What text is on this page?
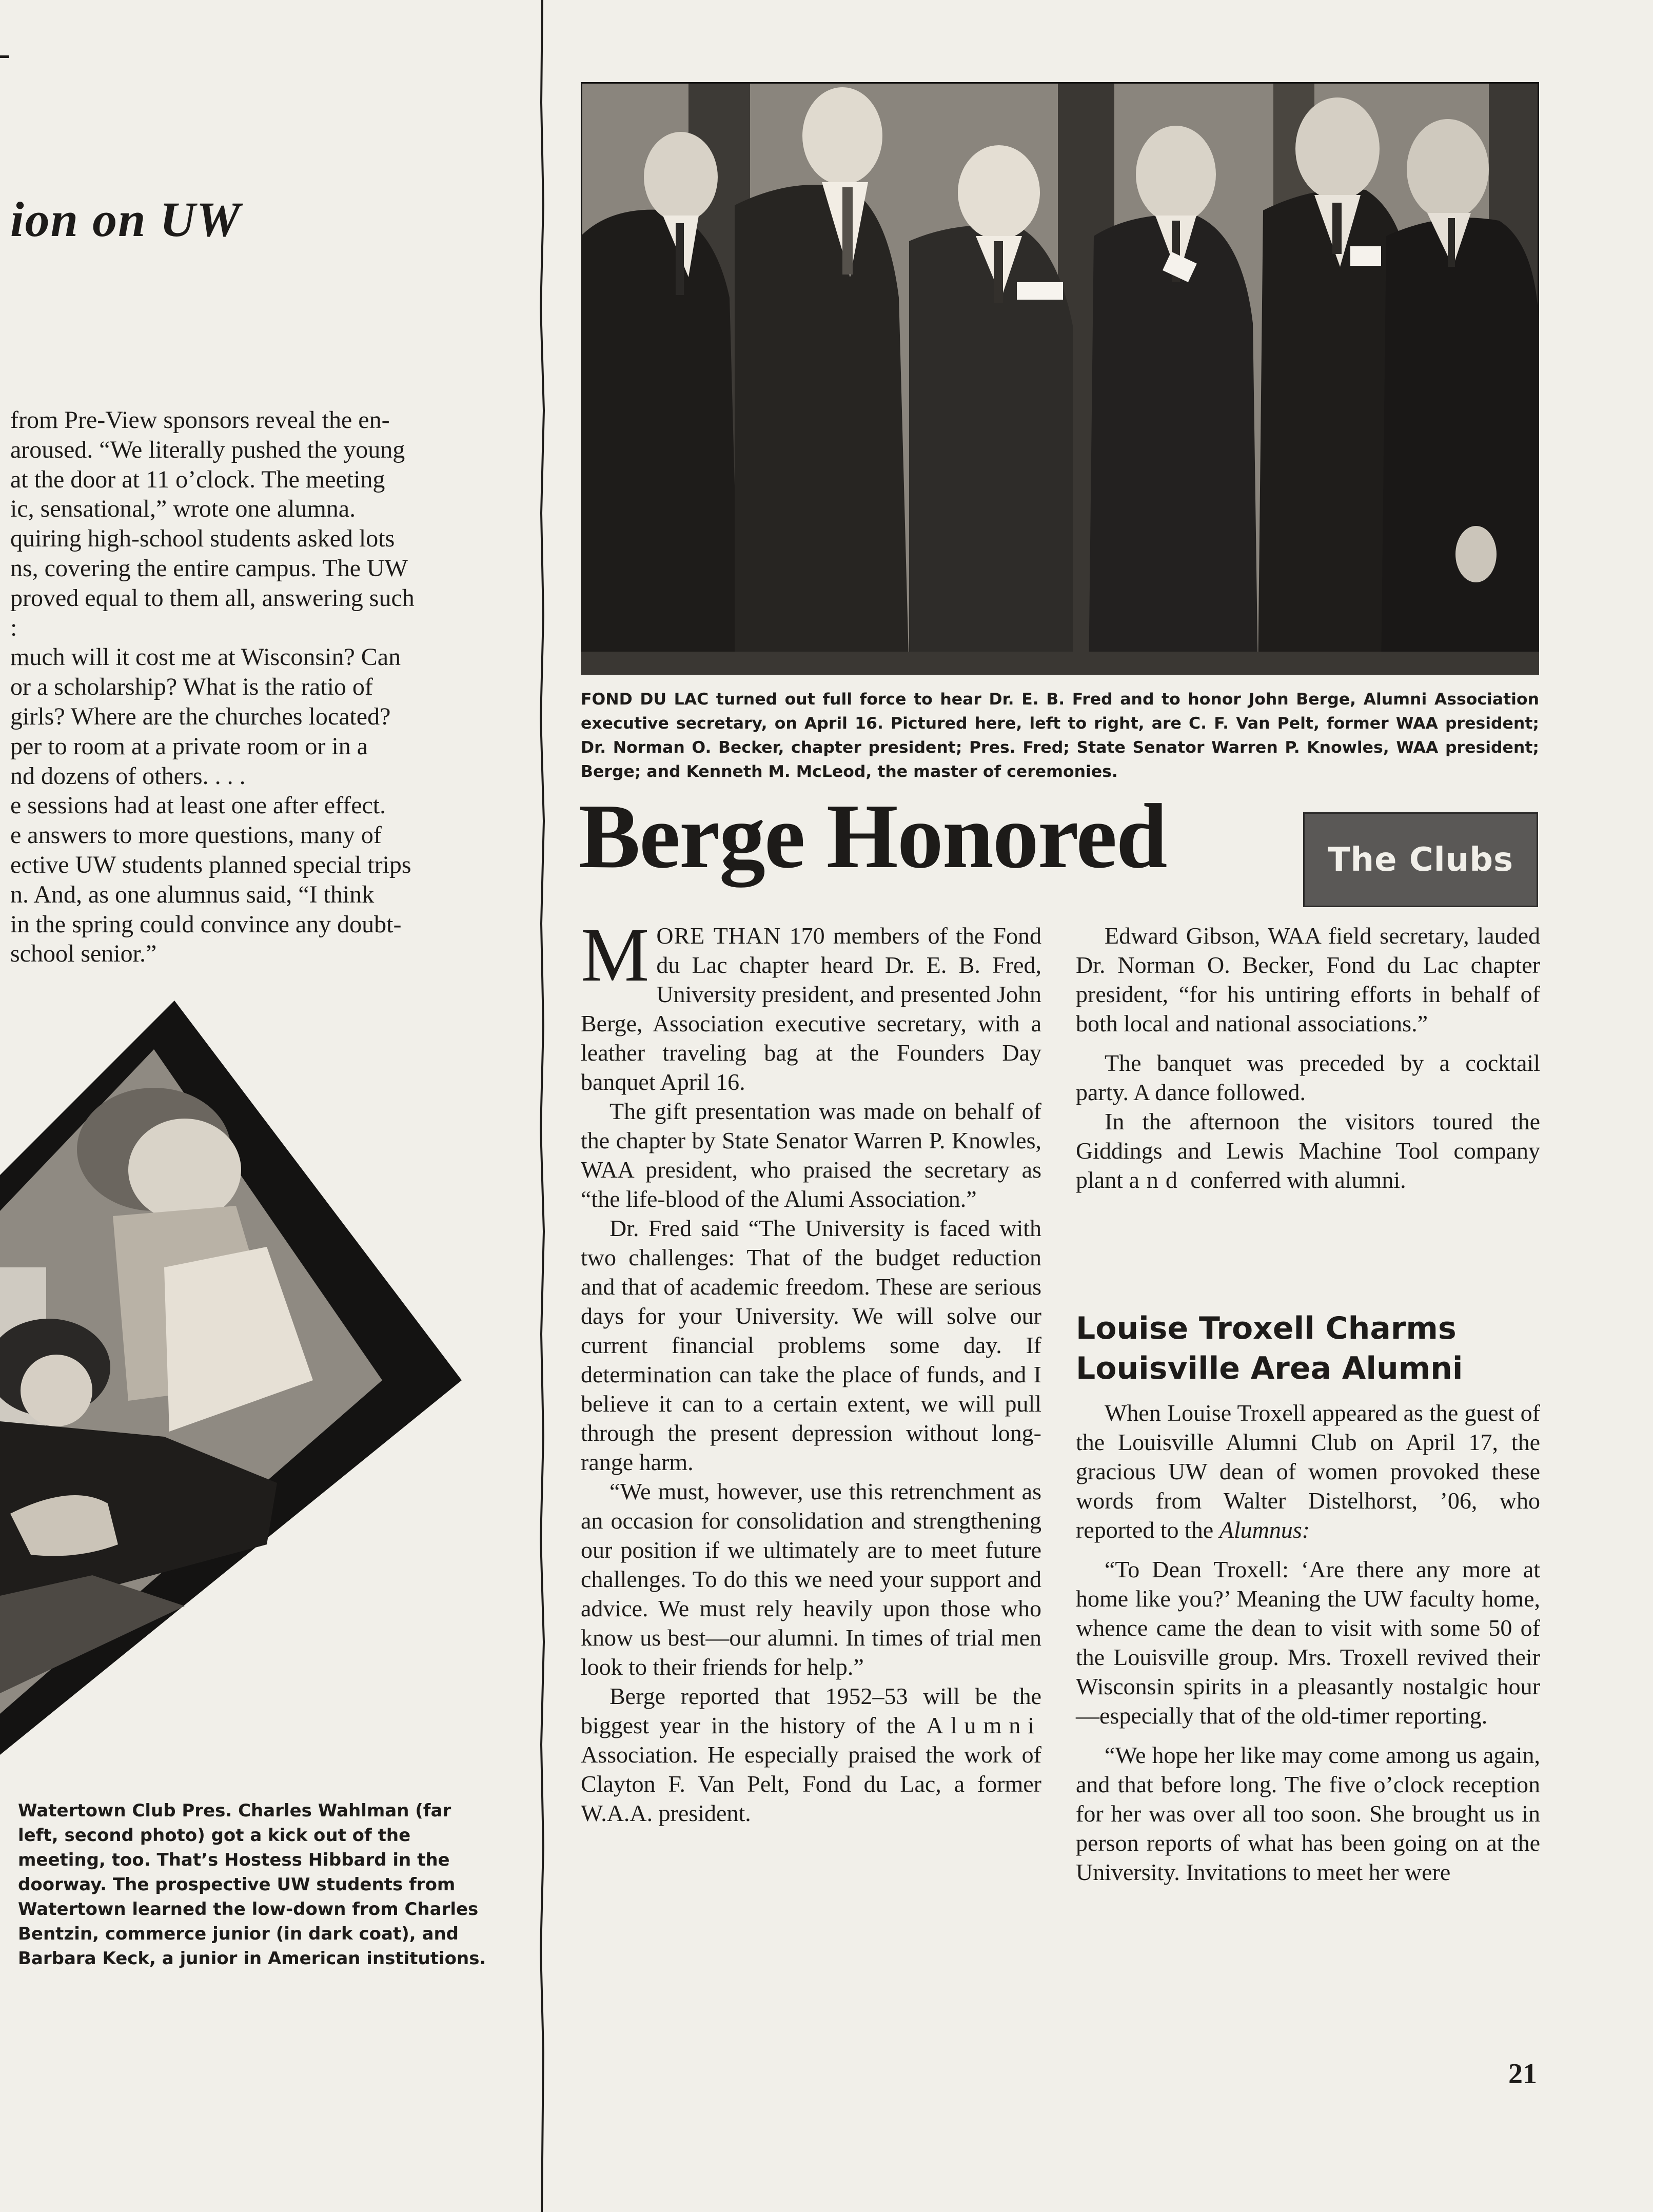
ion on UW
from Pre-View sponsors reveal the en-
aroused. “We literally pushed the young
at the door at 11 o’clock. The meeting
ic, sensational,” wrote one alumna.
quiring high-school students asked lots
ns, covering the entire campus. The UW
proved equal to them all, answering such
:
much will it cost me at Wisconsin? Can
or a scholarship? What is the ratio of
girls? Where are the churches located?
per to room at a private room or in a
nd dozens of others. . . .
e sessions had at least one after effect.
e answers to more questions, many of
ective UW students planned special trips
n. And, as one alumnus said, “I think
in the spring could convince any doubt-
school senior.”
Watertown Club Pres. Charles Wahlman (far left, second photo) got a kick out of the meeting, too. That’s Hostess Hibbard in the doorway. The prospective UW students from Watertown learned the low-down from Charles Bentzin, commerce junior (in dark coat), and Barbara Keck, a junior in American institutions.
FOND DU LAC turned out full force to hear Dr. E. B. Fred and to honor John Berge, Alumni Association executive secretary, on April 16. Pictured here, left to right, are C. F. Van Pelt, former WAA president; Dr. Norman O. Becker, chapter president; Pres. Fred; State Senator Warren P. Knowles, WAA president; Berge; and Kenneth M. McLeod, the master of ceremonies.
Berge Honored	The Clubs

MORE THAN 170 members of the Fond du Lac chapter heard Dr. E. B. Fred, University president, and presented John Berge, Association executive secretary, with a leather traveling bag at the Founders Day banquet April 16.

The gift presentation was made on behalf of the chapter by State Senator Warren P. Knowles, WAA president, who praised the secretary as “the life-blood of the Alumi Association.”

Dr. Fred said “The University is faced with two challenges: That of the budget reduction and that of academic freedom. These are serious days for your University. We will solve our current financial problems some day. If determination can take the place of funds, and I believe it can to a certain extent, we will pull through the present depression without long-range harm.

“We must, however, use this retrenchment as an occasion for consolidation and strengthening our position if we ultimately are to meet future challenges. To do this we need your support and advice. We must rely heavily upon those who know us best—our alumni. In times of trial men look to their friends for help.”

Berge reported that 1952–53 will be the biggest year in the history of the Alumni Association. He especially praised the work of Clayton F. Van Pelt, Fond du Lac, a former W.A.A. president.

Edward Gibson, WAA field secretary, lauded Dr. Norman O. Becker, Fond du Lac chapter president, “for his untiring efforts in behalf of both local and national associations.”

The banquet was preceded by a cocktail party. A dance followed.

In the afternoon the visitors toured the Giddings and Lewis Machine Tool company plant and conferred with alumni.

Louise Troxell Charms Louisville Area Alumni

When Louise Troxell appeared as the guest of the Louisville Alumni Club on April 17, the gracious UW dean of women provoked these words from Walter Distelhorst, ’06, who reported to the Alumnus:

“To Dean Troxell: ‘Are there any more at home like you?’ Meaning the UW faculty home, whence came the dean to visit with some 50 of the Louisville group. Mrs. Troxell revived their Wisconsin spirits in a pleasantly nostalgic hour—especially that of the old-timer reporting.

“We hope her like may come among us again, and that before long. The five o’clock reception for her was over all too soon. She brought us in person reports of what has been going on at the University. Invitations to meet her were

21
